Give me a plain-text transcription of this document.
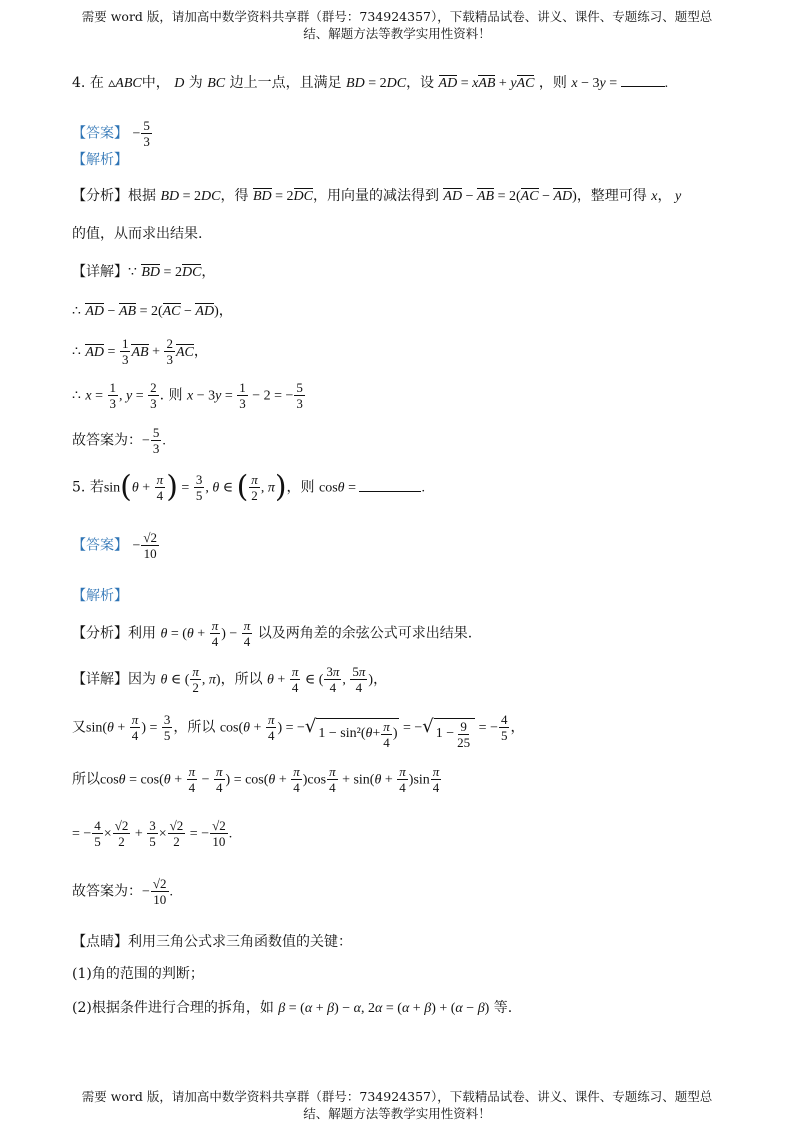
需要 word 版，请加高中数学资料共享群（群号：734924357），下载精品试卷、讲义、课件、专题练习、题型总
结、解题方法等教学实用性资料！
4. 在 ▵ABC中， D 为 BC 边上一点，且满足 BD = 2DC，设 AD = xAB + yAC ，则 x − 3y =	.
【答案】 − $\frac{5}{3}$
【解析】
【分析】根据 BD = 2DC，得 BD = 2DC，用向量的减法得到 AD − AB = 2(AC − AD)，整理可得 x， y
的值，从而求出结果.
【详解】∵ BD = 2DC，
∴ AD − AB = 2(AC − AD)，
∴ AD = $\frac{1}{3}$ AB + $\frac{2}{3}$ AC，
∴ $x = \frac{1}{3}$ , $y = \frac{2}{3}$ . 则 $x - 3y = \frac{1}{3} - 2$ = − $\frac{5}{3}$
故答案为：− $\frac{5}{3}$ .
5. 若$\sin(\theta + \frac{\pi}{4}$ ) = $\frac{3}{5}$ , θ ∈ ( $\frac{\pi}{2}$ , π)，则 cosθ =	.
【答案】 − $\frac{√2}{10}$
【解析】
【分析】利用 $\theta = (\theta + \frac{\pi}{4}$ ) − $\frac{\pi}{4}$ 以及两角差的余弦公式可求出结果.
【详解】因为 θ ∈ ( $\frac{\pi}{2}$ , π)，所以 $\theta + \frac{\pi}{4}$ ∈ ( $\frac{3\pi}{4}$ , $\frac{5\pi}{4}$ )，
又$\sin(\theta + \frac{\pi}{4}$ ) = $\frac{3}{5}$ ，所以 $\cos(\theta + \frac{\pi}{4}$ ) = − √ 1 − sin²( $\theta + \frac{\pi}{4}$ ) = − √ $1 - \frac{9}{25}$ = − $\frac{4}{5}$ ，
所以$\cos\theta = \cos(\theta + \frac{\pi}{4} - \frac{\pi}{4}$ ) = $\cos(\theta + \frac{\pi}{4} )\cos \frac{\pi}{4} + \sin(\theta + \frac{\pi}{4} )\sin \frac{\pi}{4}$
= − $\frac{4}{5} \times \frac{√2}{2} + \frac{3}{5} \times \frac{√2}{2}$ = − $\frac{√2}{10}$ .
故答案为：− $\frac{√2}{10}$ .
【点睛】利用三角公式求三角函数值的关键：
(1)角的范围的判断；
(2)根据条件进行合理的拆角，如 β = (α + β) − α, 2α = (α + β) + (α − β) 等.
需要 word 版，请加高中数学资料共享群（群号：734924357），下载精品试卷、讲义、课件、专题练习、题型总
结、解题方法等教学实用性资料！
